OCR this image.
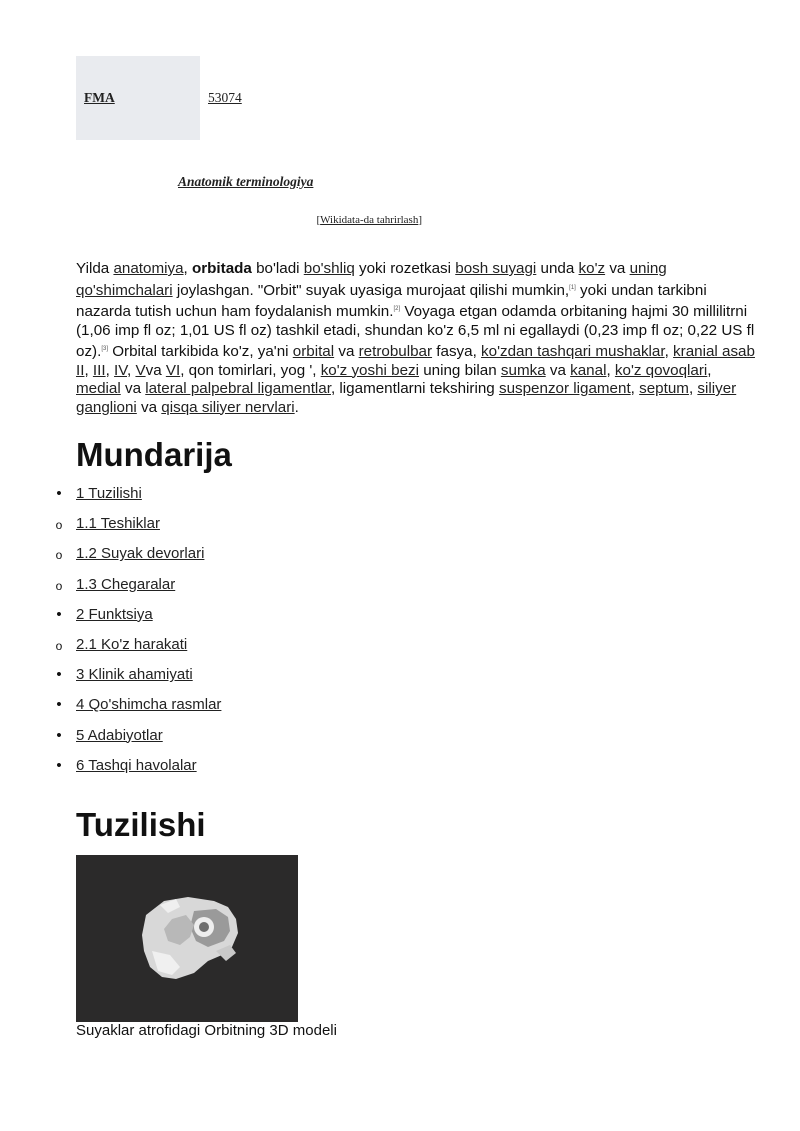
FMA	53074
Anatomik terminologiya
[Wikidata-da tahrirlash]

Yilda anatomiya, orbitada bo'ladi bo'shliq yoki rozetkasi bosh suyagi unda ko'z va uning qo'shimchalari joylashgan. "Orbit" suyak uyasiga murojaat qilishi mumkin,[1] yoki undan tarkibni nazarda tutish uchun ham foydalanish mumkin.[2] Voyaga etgan odamda orbitaning hajmi 30 millilitrni (1,06 imp fl oz; 1,01 US fl oz) tashkil etadi, shundan ko'z 6,5 ml ni egallaydi (0,23 imp fl oz; 0,22 US fl oz).[3] Orbital tarkibida ko'z, ya'ni orbital va retrobulbar fasya, ko'zdan tashqari mushaklar, kranial asab II, III, IV, Vva VI, qon tomirlari, yog ', ko'z yoshi bezi uning bilan sumka va kanal, ko'z qovoqlari, medial va lateral palpebral ligamentlar, ligamentlarni tekshiring suspenzor ligament, septum, siliyer ganglioni va qisqa siliyer nervlari.

Mundarija
• 1 Tuzilishi
o 1.1 Teshiklar
o 1.2 Suyak devorlari
o 1.3 Chegaralar
• 2 Funktsiya
o 2.1 Ko'z harakati
• 3 Klinik ahamiyati
• 4 Qo'shimcha rasmlar
• 5 Adabiyotlar
• 6 Tashqi havolalar
Tuzilishi
Suyaklar atrofidagi Orbitning 3D modeli
